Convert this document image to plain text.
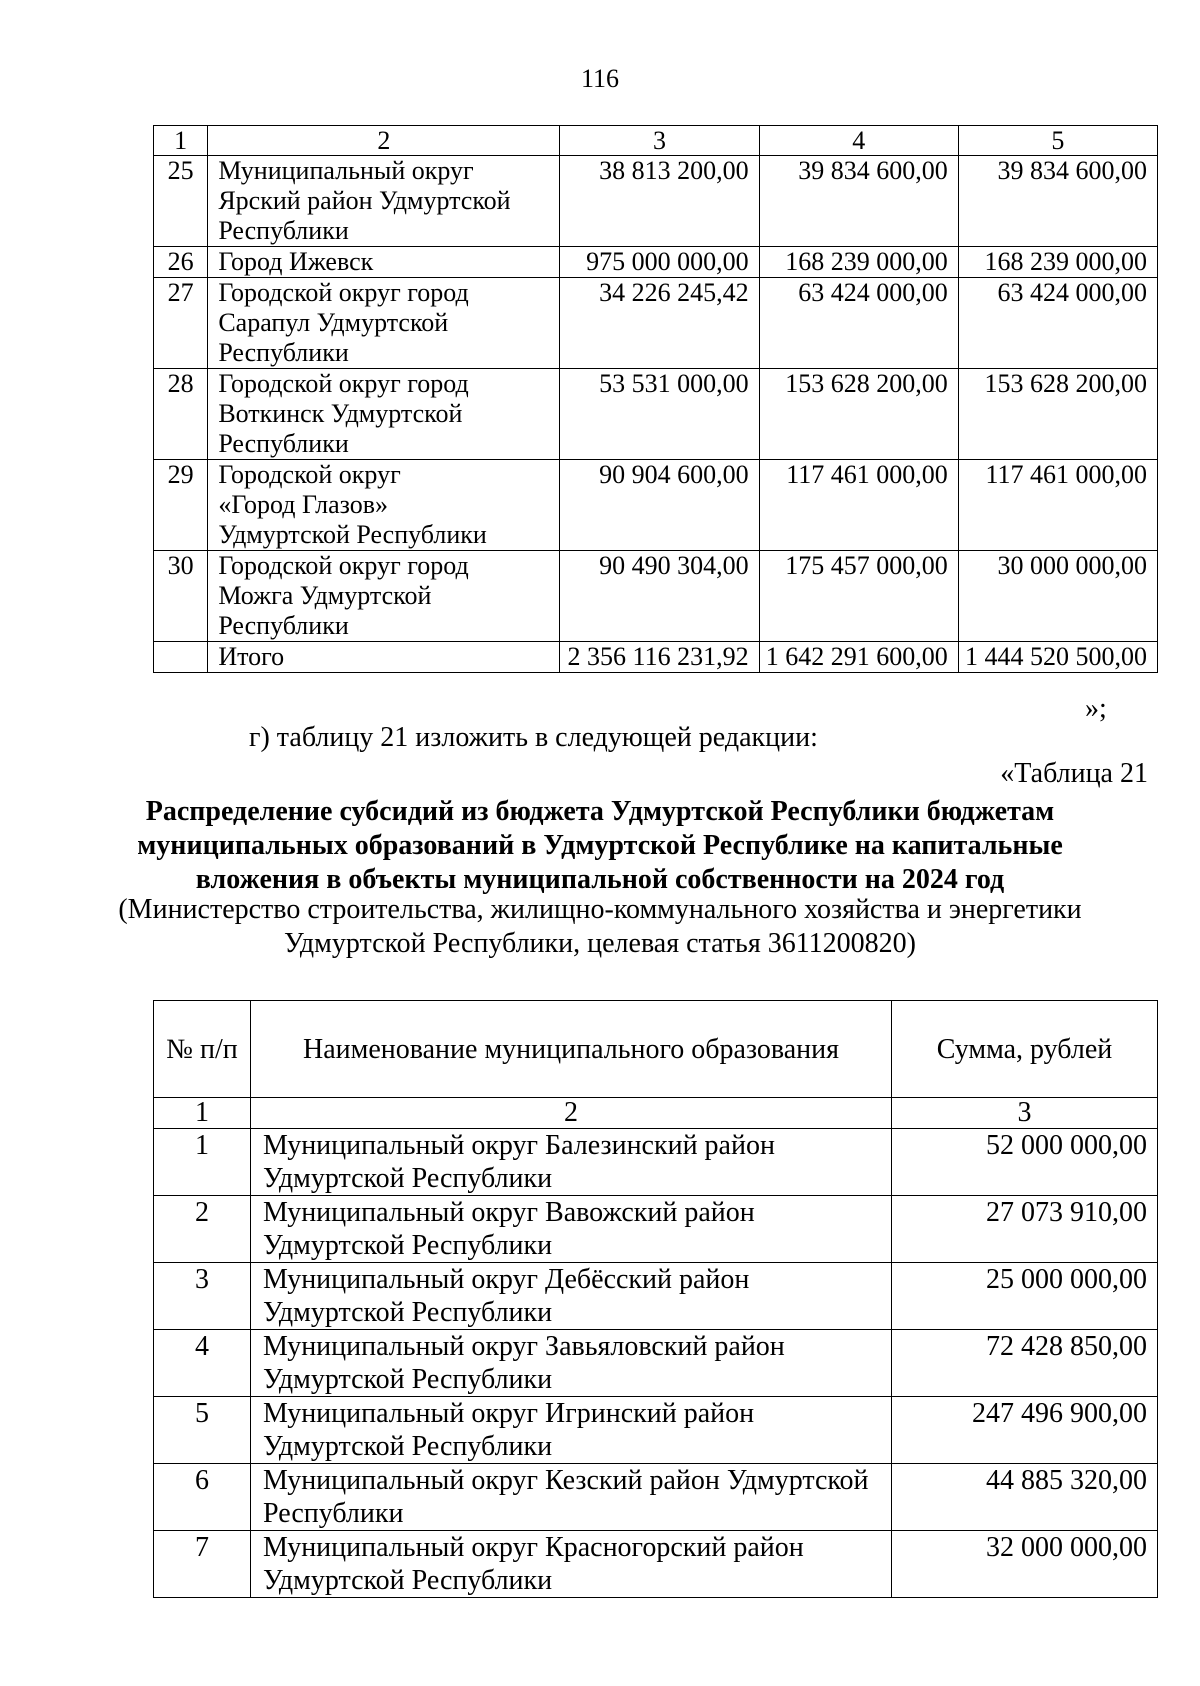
116
1	2	3	4	5
25	Муниципальный округ
Ярский район Удмуртской
Республики	38 813 200,00	39 834 600,00	39 834 600,00
26	Город Ижевск	975 000 000,00	168 239 000,00	168 239 000,00
27	Городской округ город
Сарапул Удмуртской
Республики	34 226 245,42	63 424 000,00	63 424 000,00
28	Городской округ город
Воткинск Удмуртской
Республики	53 531 000,00	153 628 200,00	153 628 200,00
29	Городской округ
«Город Глазов»
Удмуртской Республики	90 904 600,00	117 461 000,00	117 461 000,00
30	Городской округ город
Можга Удмуртской
Республики	90 490 304,00	175 457 000,00	30 000 000,00
	Итого	2 356 116 231,92	1 642 291 600,00	1 444 520 500,00
»;
г) таблицу 21 изложить в следующей редакции:
«Таблица 21
Распределение субсидий из бюджета Удмуртской Республики бюджетам муниципальных образований в Удмуртской Республике на капитальные вложения в объекты муниципальной собственности на 2024 год
(Министерство строительства, жилищно-коммунального хозяйства и энергетики Удмуртской Республики, целевая статья 3611200820)
№ п/п	Наименование муниципального образования	Сумма, рублей
1	2	3
1	Муниципальный округ Балезинский район Удмуртской Республики	52 000 000,00
2	Муниципальный округ Вавожский район Удмуртской Республики	27 073 910,00
3	Муниципальный округ Дебёсский район Удмуртской Республики	25 000 000,00
4	Муниципальный округ Завьяловский район Удмуртской Республики	72 428 850,00
5	Муниципальный округ Игринский район Удмуртской Республики	247 496 900,00
6	Муниципальный округ Кезский район Удмуртской Республики	44 885 320,00
7	Муниципальный округ Красногорский район Удмуртской Республики	32 000 000,00
